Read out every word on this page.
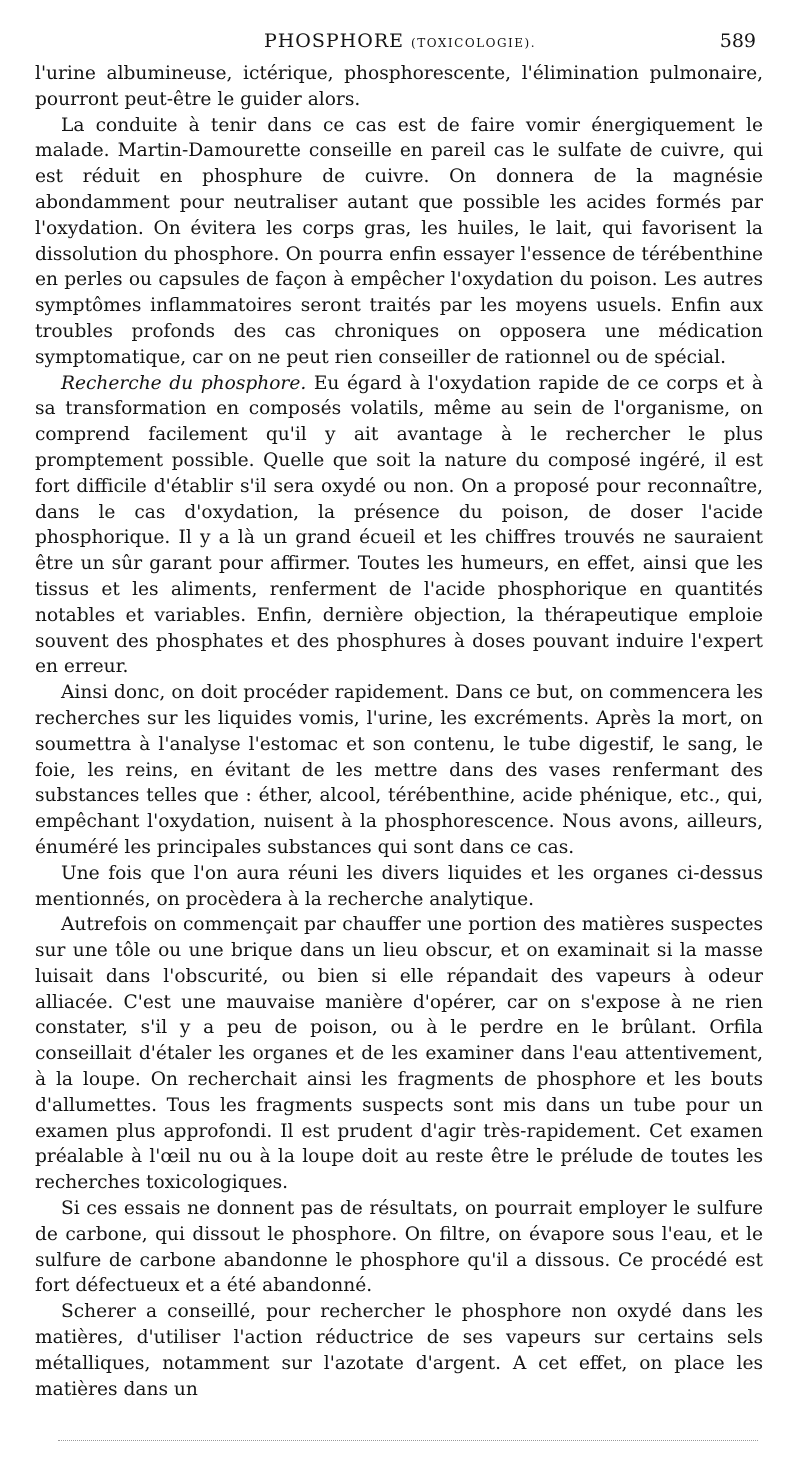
PHOSPHORE (TOXICOLOGIE).	589

l'urine albumineuse, ictérique, phosphorescente, l'élimination pulmonaire, pourront peut-être le guider alors.

La conduite à tenir dans ce cas est de faire vomir énergiquement le malade. Martin-Damourette conseille en pareil cas le sulfate de cuivre, qui est réduit en phosphure de cuivre. On donnera de la magnésie abondamment pour neutraliser autant que possible les acides formés par l'oxydation. On évitera les corps gras, les huiles, le lait, qui favorisent la dissolution du phosphore. On pourra enfin essayer l'essence de térébenthine en perles ou capsules de façon à empêcher l'oxydation du poison. Les autres symptômes inflammatoires seront traités par les moyens usuels. Enfin aux troubles profonds des cas chroniques on opposera une médication symptomatique, car on ne peut rien conseiller de rationnel ou de spécial.

Recherche du phosphore. Eu égard à l'oxydation rapide de ce corps et à sa transformation en composés volatils, même au sein de l'organisme, on comprend facilement qu'il y ait avantage à le rechercher le plus promptement possible. Quelle que soit la nature du composé ingéré, il est fort difficile d'établir s'il sera oxydé ou non. On a proposé pour reconnaître, dans le cas d'oxydation, la présence du poison, de doser l'acide phosphorique. Il y a là un grand écueil et les chiffres trouvés ne sauraient être un sûr garant pour affirmer. Toutes les humeurs, en effet, ainsi que les tissus et les aliments, renferment de l'acide phosphorique en quantités notables et variables. Enfin, dernière objection, la thérapeutique emploie souvent des phosphates et des phosphures à doses pouvant induire l'expert en erreur.

Ainsi donc, on doit procéder rapidement. Dans ce but, on commencera les recherches sur les liquides vomis, l'urine, les excréments. Après la mort, on soumettra à l'analyse l'estomac et son contenu, le tube digestif, le sang, le foie, les reins, en évitant de les mettre dans des vases renfermant des substances telles que : éther, alcool, térébenthine, acide phénique, etc., qui, empêchant l'oxydation, nuisent à la phosphorescence. Nous avons, ailleurs, énuméré les principales substances qui sont dans ce cas.

Une fois que l'on aura réuni les divers liquides et les organes ci-dessus mentionnés, on procèdera à la recherche analytique.

Autrefois on commençait par chauffer une portion des matières suspectes sur une tôle ou une brique dans un lieu obscur, et on examinait si la masse luisait dans l'obscurité, ou bien si elle répandait des vapeurs à odeur alliacée. C'est une mauvaise manière d'opérer, car on s'expose à ne rien constater, s'il y a peu de poison, ou à le perdre en le brûlant. Orfila conseillait d'étaler les organes et de les examiner dans l'eau attentivement, à la loupe. On recherchait ainsi les fragments de phosphore et les bouts d'allumettes. Tous les fragments suspects sont mis dans un tube pour un examen plus approfondi. Il est prudent d'agir très-rapidement. Cet examen préalable à l'œil nu ou à la loupe doit au reste être le prélude de toutes les recherches toxicologiques.

Si ces essais ne donnent pas de résultats, on pourrait employer le sulfure de carbone, qui dissout le phosphore. On filtre, on évapore sous l'eau, et le sulfure de carbone abandonne le phosphore qu'il a dissous. Ce procédé est fort défectueux et a été abandonné.

Scherer a conseillé, pour rechercher le phosphore non oxydé dans les matières, d'utiliser l'action réductrice de ses vapeurs sur certains sels métalliques, notamment sur l'azotate d'argent. A cet effet, on place les matières dans un
